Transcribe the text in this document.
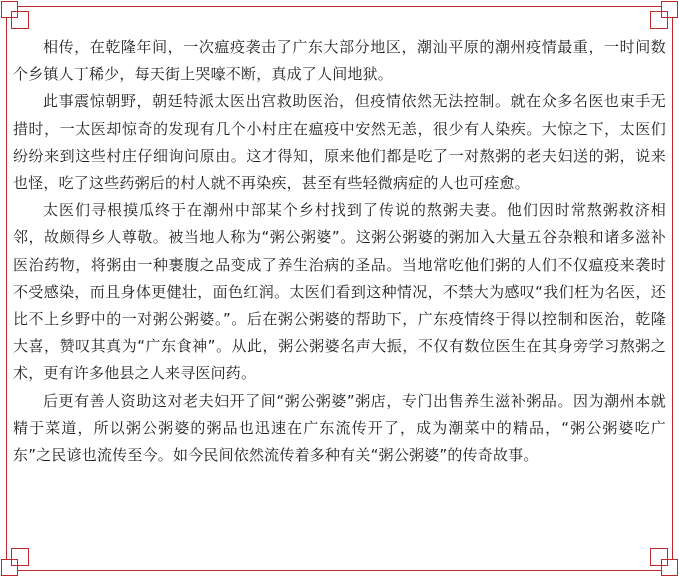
相传，在乾隆年间，一次瘟疫袭击了广东大部分地区，潮汕平原的潮州疫情最重，一时间数个乡镇人丁稀少，每天街上哭嚎不断，真成了人间地狱。

此事震惊朝野，朝廷特派太医出宫救助医治，但疫情依然无法控制。就在众多名医也束手无措时，一太医却惊奇的发现有几个小村庄在瘟疫中安然无恙，很少有人染疾。大惊之下，太医们纷纷来到这些村庄仔细询问原由。这才得知，原来他们都是吃了一对熬粥的老夫妇送的粥，说来也怪，吃了这些药粥后的村人就不再染疾，甚至有些轻微病症的人也可痊愈。

太医们寻根摸瓜终于在潮州中部某个乡村找到了传说的熬粥夫妻。他们因时常熬粥救济相邻，故颇得乡人尊敬。被当地人称为“粥公粥婆”。这粥公粥婆的粥加入大量五谷杂粮和诸多滋补医治药物，将粥由一种裹腹之品变成了养生治病的圣品。当地常吃他们粥的人们不仅瘟疫来袭时不受感染，而且身体更健壮，面色红润。太医们看到这种情况，不禁大为感叹“我们枉为名医，还比不上乡野中的一对粥公粥婆。”。后在粥公粥婆的帮助下，广东疫情终于得以控制和医治，乾隆大喜，赞叹其真为“广东食神”。从此，粥公粥婆名声大振，不仅有数位医生在其身旁学习熬粥之术，更有许多他县之人来寻医问药。

后更有善人资助这对老夫妇开了间“粥公粥婆”粥店，专门出售养生滋补粥品。因为潮州本就精于菜道，所以粥公粥婆的粥品也迅速在广东流传开了，成为潮菜中的精品，“粥公粥婆吃广东”之民谚也流传至今。如今民间依然流传着多种有关“粥公粥婆”的传奇故事。
